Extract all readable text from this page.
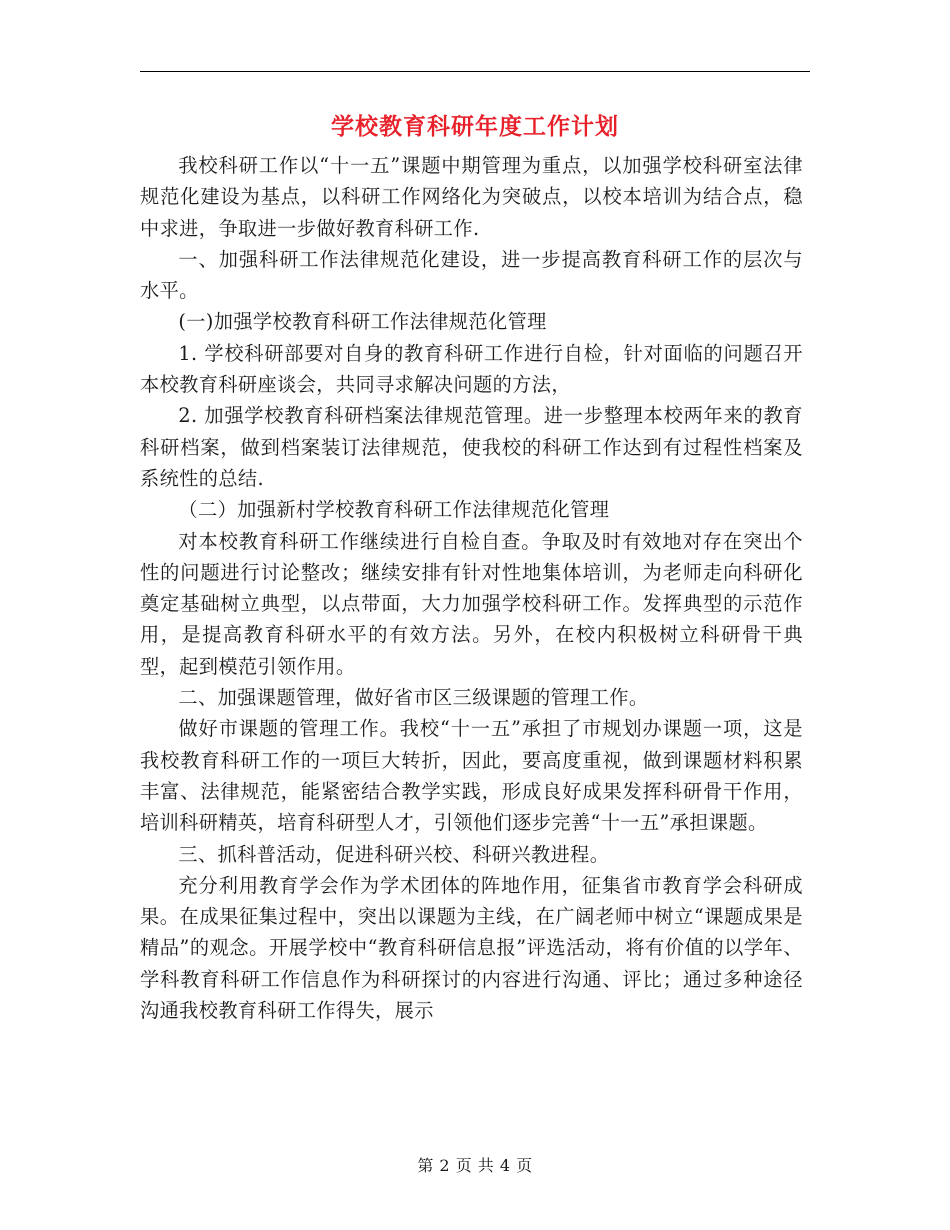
学校教育科研年度工作计划

我校科研工作以“十一五”课题中期管理为重点，以加强学校科研室法律规范化建设为基点，以科研工作网络化为突破点，以校本培训为结合点，稳中求进，争取进一步做好教育科研工作.

一、加强科研工作法律规范化建设，进一步提高教育科研工作的层次与水平。

(一)加强学校教育科研工作法律规范化管理

1. 学校科研部要对自身的教育科研工作进行自检，针对面临的问题召开本校教育科研座谈会，共同寻求解决问题的方法，

2. 加强学校教育科研档案法律规范管理。进一步整理本校两年来的教育科研档案，做到档案装订法律规范，使我校的科研工作达到有过程性档案及系统性的总结.

（二）加强新村学校教育科研工作法律规范化管理

对本校教育科研工作继续进行自检自查。争取及时有效地对存在突出个性的问题进行讨论整改；继续安排有针对性地集体培训，为老师走向科研化奠定基础树立典型，以点带面，大力加强学校科研工作。发挥典型的示范作用，是提高教育科研水平的有效方法。另外，在校内积极树立科研骨干典型，起到模范引领作用。

二、加强课题管理，做好省市区三级课题的管理工作。

做好市课题的管理工作。我校“十一五”承担了市规划办课题一项，这是我校教育科研工作的一项巨大转折，因此，要高度重视，做到课题材料积累丰富、法律规范，能紧密结合教学实践，形成良好成果发挥科研骨干作用，培训科研精英，培育科研型人才，引领他们逐步完善“十一五”承担课题。

三、抓科普活动，促进科研兴校、科研兴教进程。

充分利用教育学会作为学术团体的阵地作用，征集省市教育学会科研成果。在成果征集过程中，突出以课题为主线，在广阔老师中树立“课题成果是精品”的观念。开展学校中“教育科研信息报”评选活动，将有价值的以学年、学科教育科研工作信息作为科研探讨的内容进行沟通、评比；通过多种途径沟通我校教育科研工作得失，展示

第 2 页 共 4 页
